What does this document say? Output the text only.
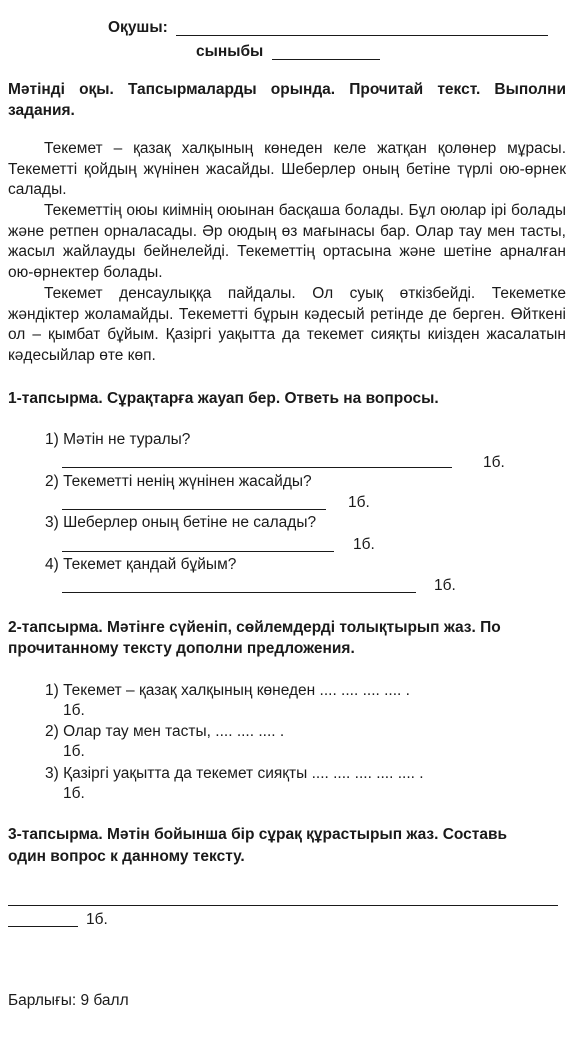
Оқушы:
сыныбы
Мәтінді оқы. Тапсырмаларды орында. Прочитай текст. Выполни задания.
Текемет – қазақ халқының көнеден келе жатқан қолөнер мұрасы. Текеметті қойдың жүнінен жасайды. Шеберлер оның бетіне түрлі ою-өрнек салады.
Текеметтің оюы киімнің оюынан басқаша болады. Бұл оюлар ірі болады және ретпен орналасады. Әр оюдың өз мағынасы бар. Олар тау мен тасты, жасыл жайлауды бейнелейді. Текеметтің ортасына және шетіне арналған ою-өрнектер болады.
Текемет денсаулыққа пайдалы. Ол суық өткізбейді. Текеметке жәндіктер жоламайды. Текеметті бұрын кәдесый ретінде де берген. Өйткені ол – қымбат бұйым. Қазіргі уақытта да текемет сияқты киізден жасалатын кәдесыйлар өте көп.
1-тапсырма. Сұрақтарға жауап бер. Ответь на вопросы.
1) Мәтін не туралы?
1б.
2) Текеметті ненің жүнінен жасайды?
1б.
3) Шеберлер оның бетіне не салады?
1б.
4) Текемет қандай бұйым?
1б.
2-тапсырма. Мәтінге сүйеніп, сөйлемдерді толықтырып жаз. По
прочитанному тексту дополни предложения.
1) Текемет – қазақ халқының көнеден .... .... .... .... .
1б.
2) Олар тау мен тасты, .... .... .... .
1б.
3) Қазіргі уақытта да текемет сияқты .... .... .... .... .... .
1б.
3-тапсырма. Мәтін бойынша бір сұрақ құрастырып жаз. Составь
один вопрос к данному тексту.
1б.
Барлығы: 9 балл
